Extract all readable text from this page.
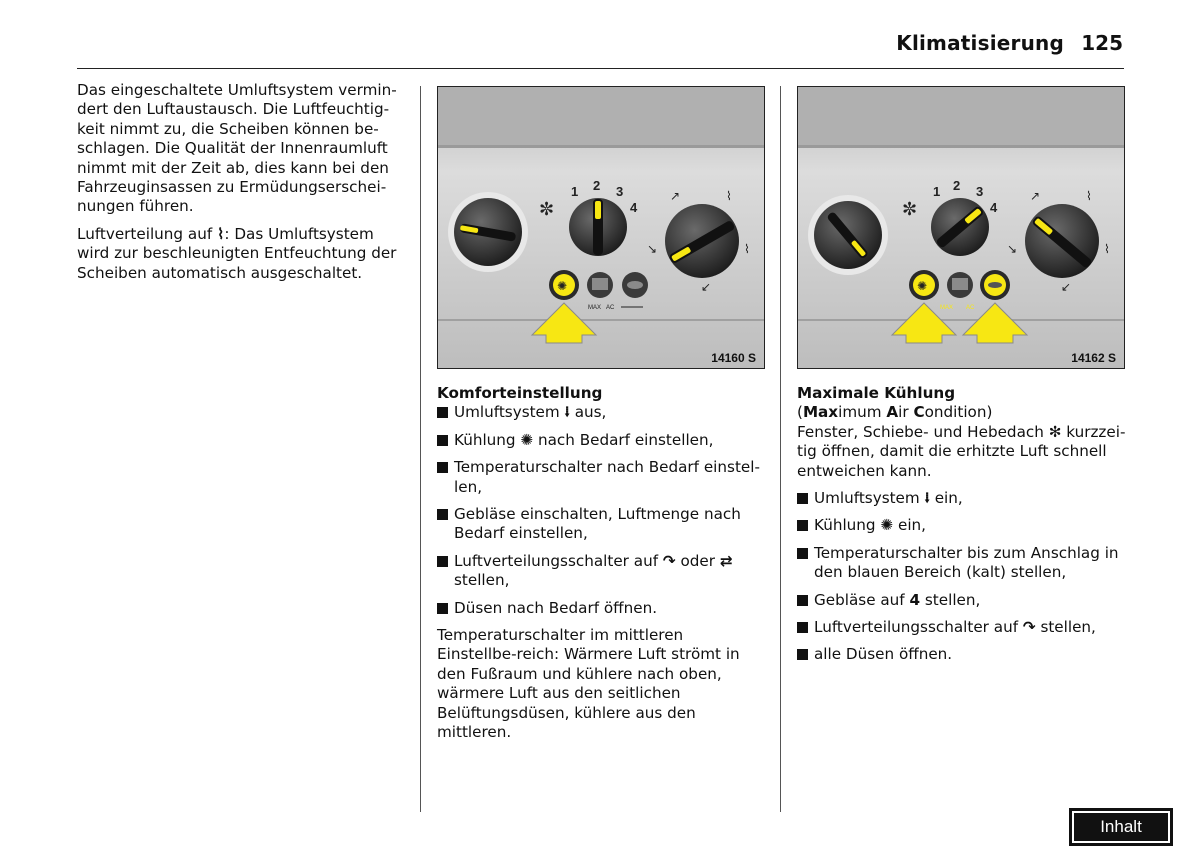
Klimatisierung 125

Das eingeschaltete Umluftsystem vermin-dert den Luftaustausch. Die Luftfeuchtig-keit nimmt zu, die Scheiben können be-schlagen. Die Qualität der Innenraumluft nimmt mit der Zeit ab, dies kann bei den Fahrzeuginsassen zu Ermüdungserschei-nungen führen.

Luftverteilung auf ⌇: Das Umluftsystem wird zur beschleunigten Entfeuchtung der Scheiben automatisch ausgeschaltet.

✼
1 2 3
4
↗	⌇
↘	⌇
↙
✺
MAX AC
14160 S
✼
1 2 3
4
↗	⌇
↘	⌇
↙
✺
MAX AC
14162 S

Komforteinstellung

Umluftsystem ⭭ aus,
Kühlung ✺ nach Bedarf einstellen,
Temperaturschalter nach Bedarf einstel-len,
Gebläse einschalten, Luftmenge nach Bedarf einstellen,
Luftverteilungsschalter auf ↷ oder ⇄ stellen,
Düsen nach Bedarf öffnen.

Temperaturschalter im mittleren Einstellbe-reich: Wärmere Luft strömt in den Fußraum und kühlere nach oben, wärmere Luft aus den seitlichen Belüftungsdüsen, kühlere aus den mittleren.

Maximale Kühlung

(Maximum Air Condition)

Fenster, Schiebe- und Hebedach ✻ kurzzei-tig öffnen, damit die erhitzte Luft schnell entweichen kann.

Umluftsystem ⭭ ein,
Kühlung ✺ ein,
Temperaturschalter bis zum Anschlag in den blauen Bereich (kalt) stellen,
Gebläse auf 4 stellen,
Luftverteilungsschalter auf ↷ stellen,
alle Düsen öffnen.
Inhalt
